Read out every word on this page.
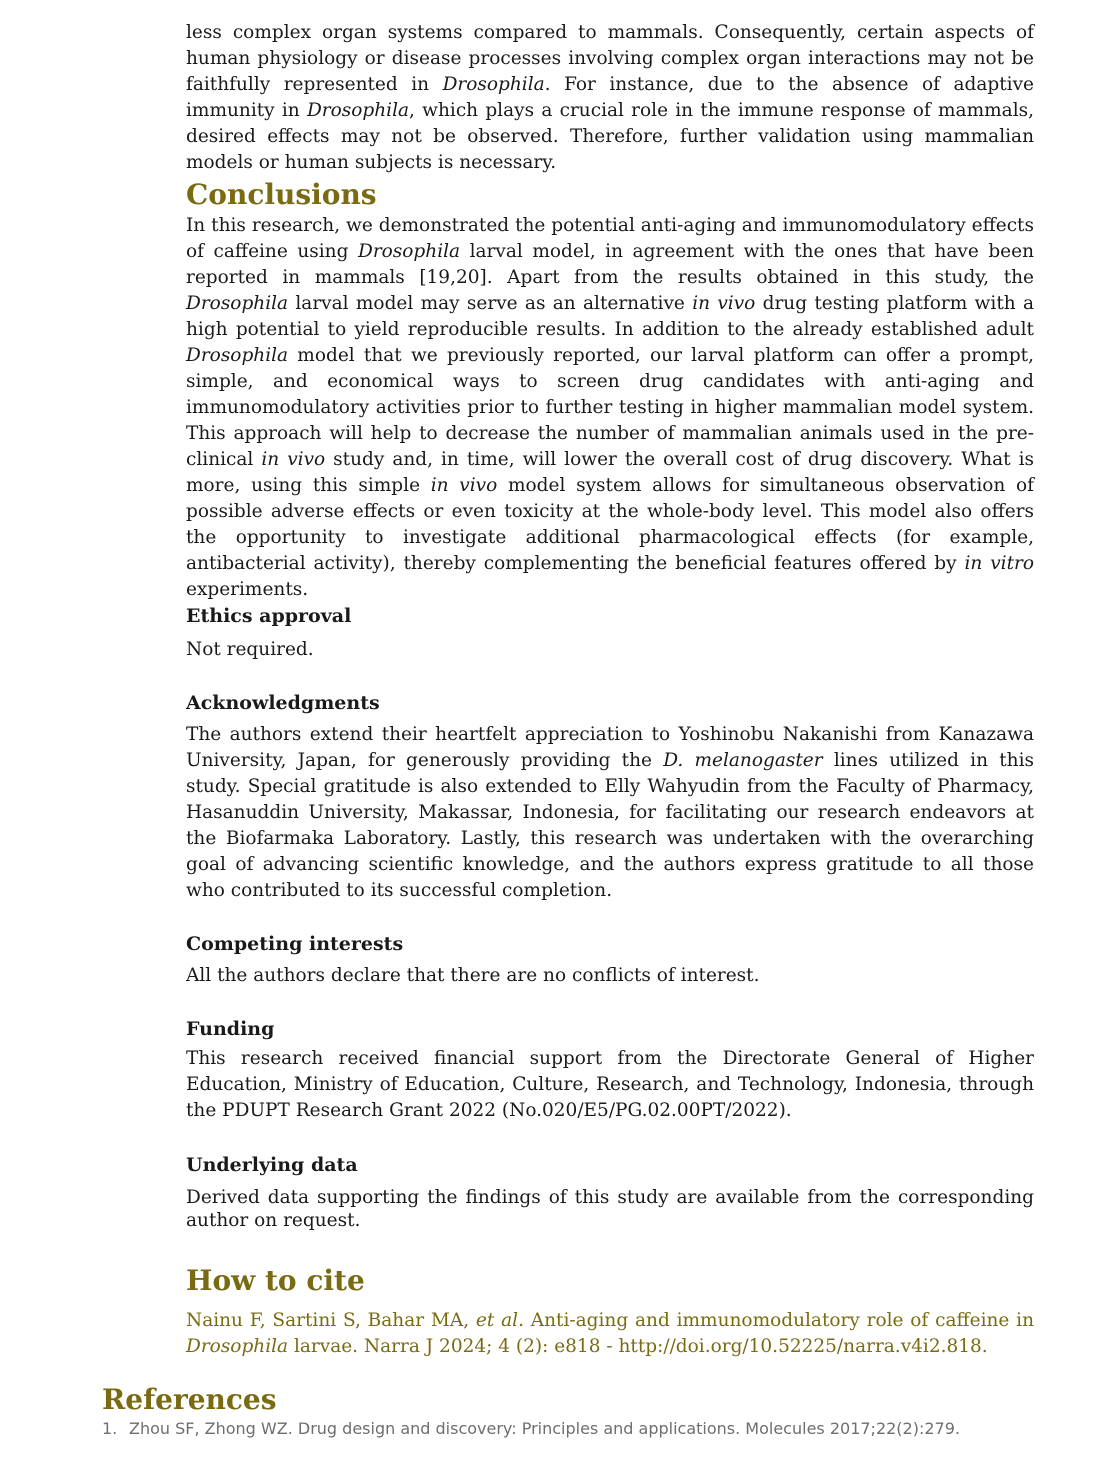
less complex organ systems compared to mammals. Consequently, certain aspects of human physiology or disease processes involving complex organ interactions may not be faithfully represented in Drosophila. For instance, due to the absence of adaptive immunity in Drosophila, which plays a crucial role in the immune response of mammals, desired effects may not be observed. Therefore, further validation using mammalian models or human subjects is necessary.

Conclusions

In this research, we demonstrated the potential anti-aging and immunomodulatory effects of caffeine using Drosophila larval model, in agreement with the ones that have been reported in mammals [19,20]. Apart from the results obtained in this study, the Drosophila larval model may serve as an alternative in vivo drug testing platform with a high potential to yield reproducible results. In addition to the already established adult Drosophila model that we previously reported, our larval platform can offer a prompt, simple, and economical ways to screen drug candidates with anti-aging and immunomodulatory activities prior to further testing in higher mammalian model system. This approach will help to decrease the number of mammalian animals used in the pre-clinical in vivo study and, in time, will lower the overall cost of drug discovery. What is more, using this simple in vivo model system allows for simultaneous observation of possible adverse effects or even toxicity at the whole-body level. This model also offers the opportunity to investigate additional pharmacological effects (for example, antibacterial activity), thereby complementing the beneficial features offered by in vitro experiments.

Ethics approval

Not required.

Acknowledgments

The authors extend their heartfelt appreciation to Yoshinobu Nakanishi from Kanazawa University, Japan, for generously providing the D. melanogaster lines utilized in this study. Special gratitude is also extended to Elly Wahyudin from the Faculty of Pharmacy, Hasanuddin University, Makassar, Indonesia, for facilitating our research endeavors at the Biofarmaka Laboratory. Lastly, this research was undertaken with the overarching goal of advancing scientific knowledge, and the authors express gratitude to all those who contributed to its successful completion.

Competing interests

All the authors declare that there are no conflicts of interest.

Funding

This research received financial support from the Directorate General of Higher Education, Ministry of Education, Culture, Research, and Technology, Indonesia, through the PDUPT Research Grant 2022 (No.020/E5/PG.02.00PT/2022).

Underlying data

Derived data supporting the findings of this study are available from the corresponding author on request.

How to cite

Nainu F, Sartini S, Bahar MA, et al. Anti-aging and immunomodulatory role of caffeine in Drosophila larvae. Narra J 2024; 4 (2): e818 - http://doi.org/10.52225/narra.v4i2.818.

References
1. Zhou SF, Zhong WZ. Drug design and discovery: Principles and applications. Molecules 2017;22(2):279.
